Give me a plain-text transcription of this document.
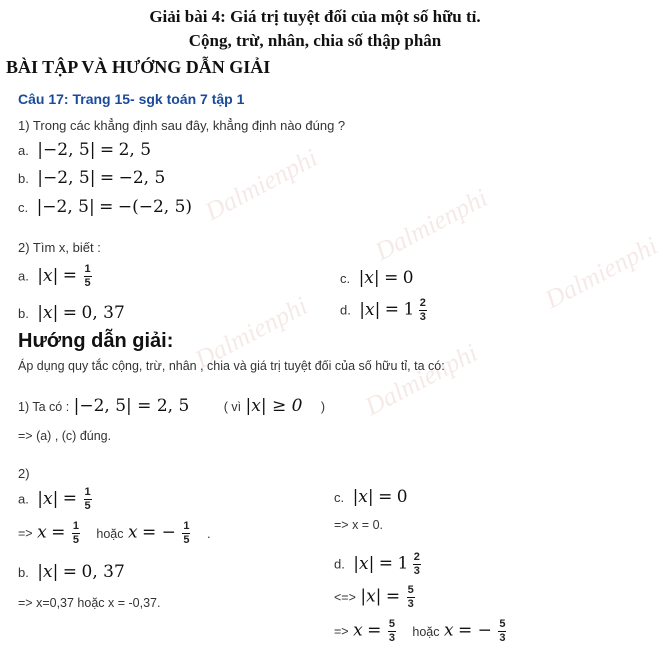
Dalmienphi Dalmienphi
Dalmienphi
Dalmienphi
Dalmienphi
Giải bài 4: Giá trị tuyệt đối của một số hữu tỉ.
Cộng, trừ, nhân, chia số thập phân
BÀI TẬP VÀ HƯỚNG DẪN GIẢI
Câu 17: Trang 15- sgk toán 7 tập 1
1) Trong các khẳng định sau đây, khẳng định nào đúng ?
a. |−2, 5| = 2, 5
b. |−2, 5| = −2, 5
c. |−2, 5| = −(−2, 5)
2) Tìm x, biết :
a. $|x| = \frac{1}{5}$	c. |x| = 0
b. |x| = 0, 37	d. $|x| = 1 \frac{2}{3}$
Hướng dẫn giải:
Áp dụng quy tắc cộng, trừ, nhân , chia và giá trị tuyệt đối của số hữu tỉ, ta có:
1) Ta có : |−2, 5| = 2, 5	( vì |x| ≥ 0 )
=> (a) , (c) đúng.
2)
a. $|x| = \frac{1}{5}$
=> $x = \frac{1}{5}$ hoặc x = − $\frac{1}{5}$ .
c. |x| = 0
=> x = 0.
b. |x| = 0, 37
=> x=0,37 hoặc x = -0,37.
d. $|x| = 1 \frac{2}{3}$
<=> $|x| = \frac{5}{3}$
=> $x = \frac{5}{3}$ hoặc x = − $\frac{5}{3}$
